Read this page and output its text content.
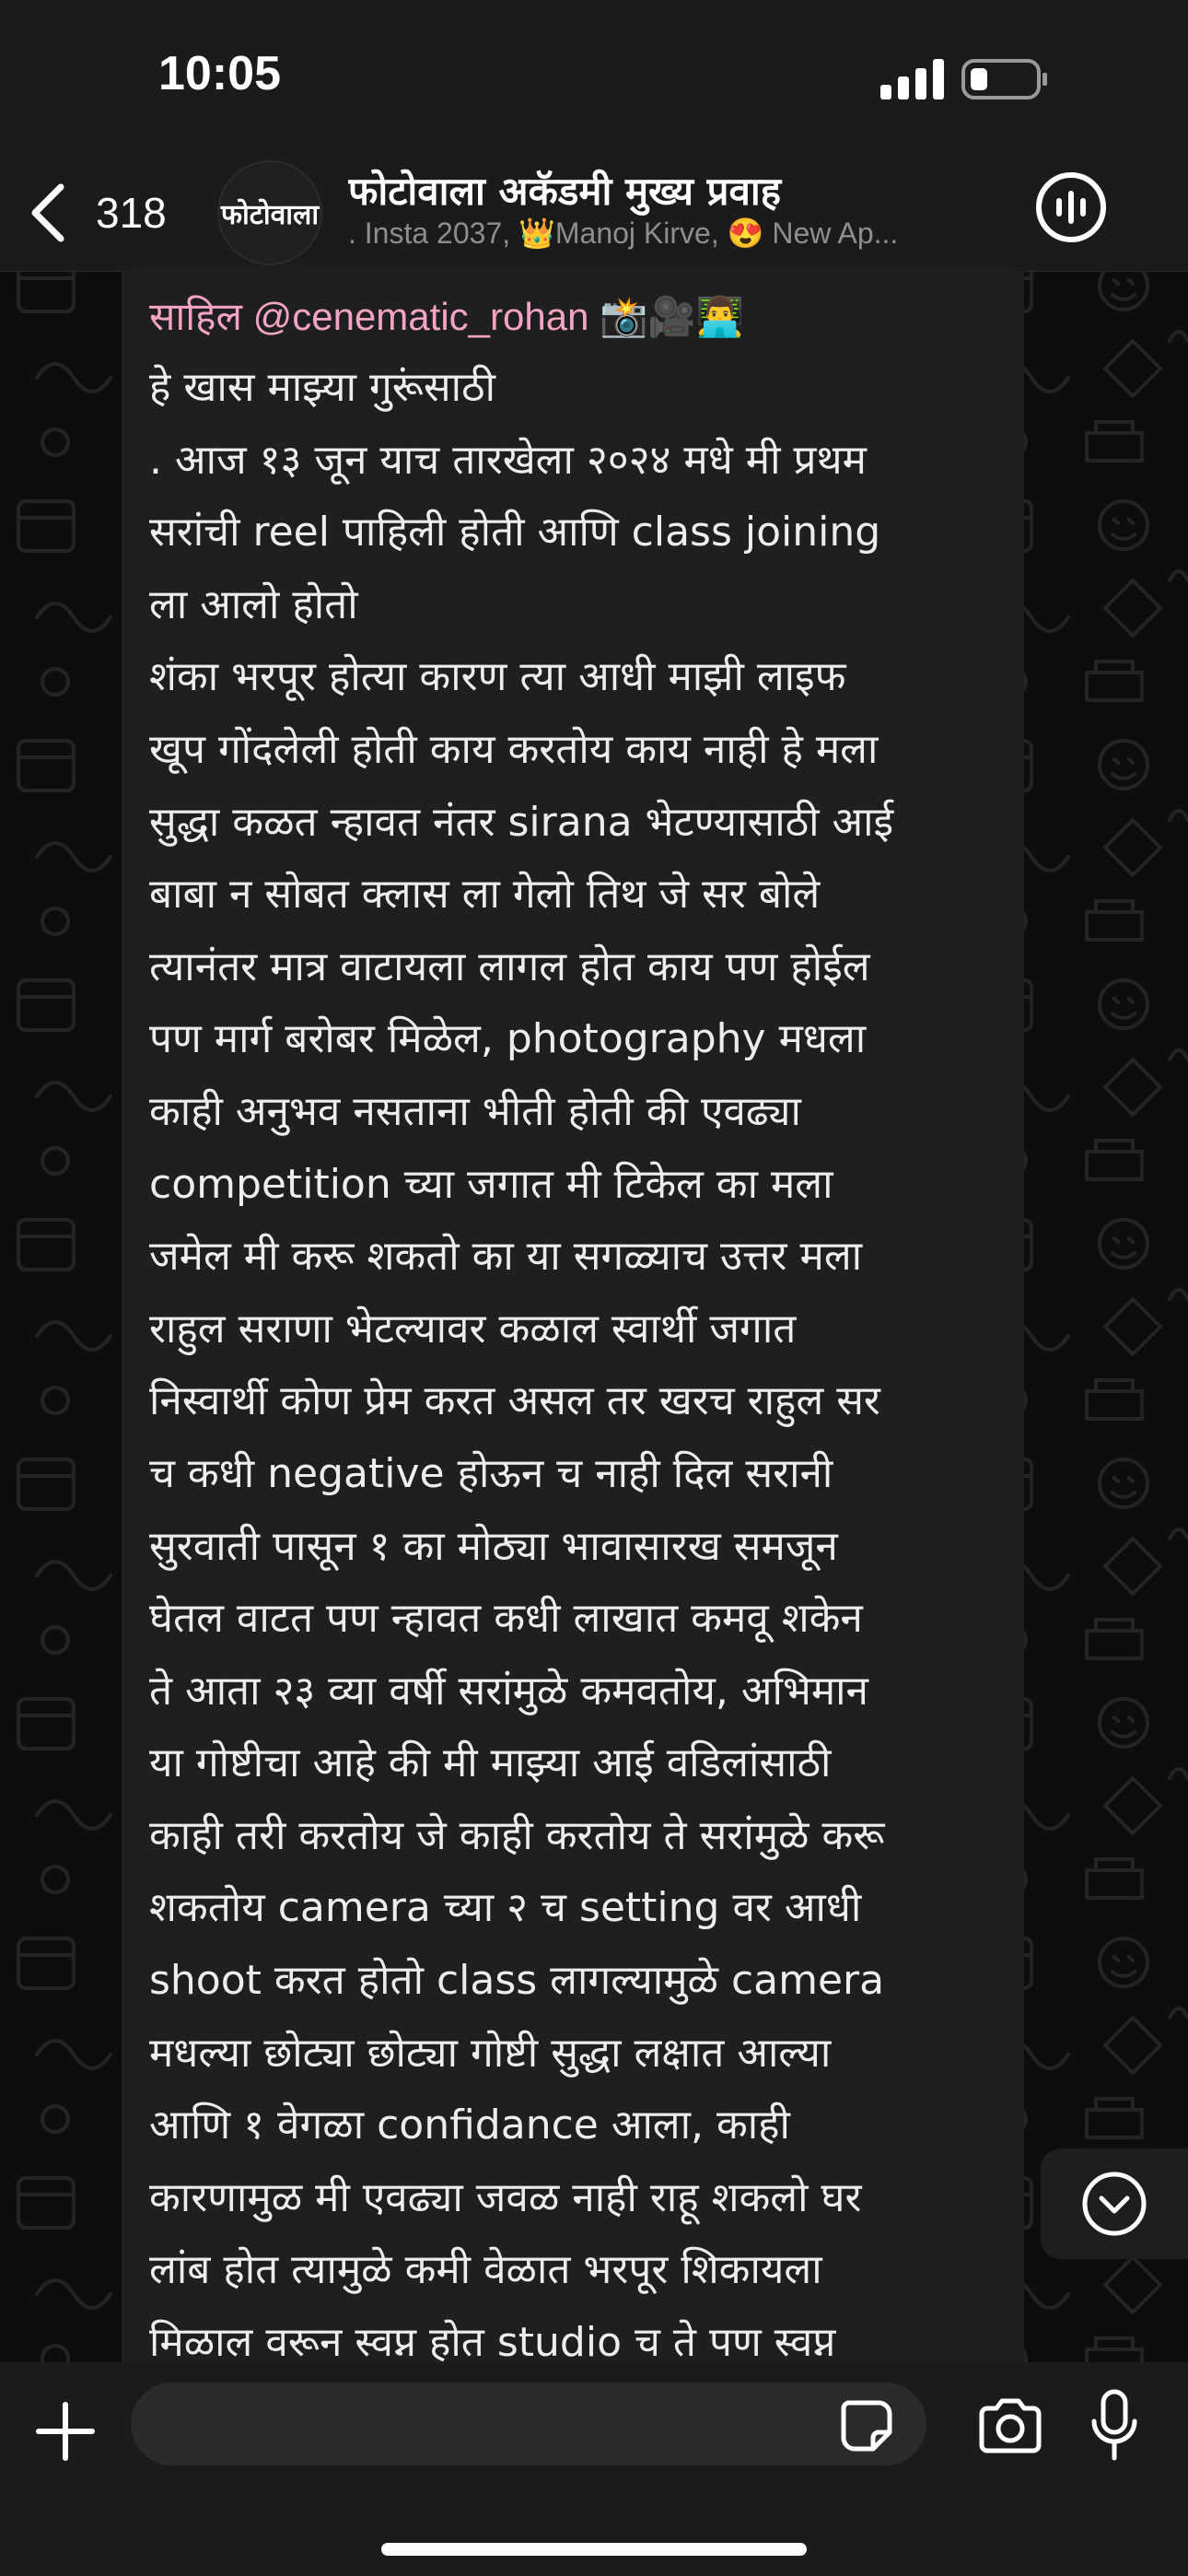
10:05
318 फोटोवाला
फोटोवाला अकॅडमी मुख्य प्रवाह
. Insta 2037, 👑Manoj Kirve, 😍 New Ap...
साहिल @cenematic_rohan 📸🎥👨‍💻
हे खास माझ्या गुरूंसाठी
. आज १३ जून याच तारखेला २०२४ मधे मी प्रथम
सरांची reel पाहिली होती आणि class joining
ला आलो होतो
शंका भरपूर होत्या कारण त्या आधी माझी लाइफ
खूप गोंदलेली होती काय करतोय काय नाही हे मला
सुद्धा कळत न्हावत नंतर sirana भेटण्यासाठी आई
बाबा न सोबत क्लास ला गेलो तिथ जे सर बोले
त्यानंतर मात्र वाटायला लागल होत काय पण होईल
पण मार्ग बरोबर मिळेल, photography मधला
काही अनुभव नसताना भीती होती की एवढ्या
competition च्या जगात मी टिकेल का मला
जमेल मी करू शकतो का या सगळ्याच उत्तर मला
राहुल सराणा भेटल्यावर कळाल स्वार्थी जगात
निस्वार्थी कोण प्रेम करत असल तर खरच राहुल सर
च कधी negative होऊन च नाही दिल सरानी
सुरवाती पासून १ का मोठ्या भावासारख समजून
घेतल वाटत पण न्हावत कधी लाखात कमवू शकेन
ते आता २३ व्या वर्षी सरांमुळे कमवतोय, अभिमान
या गोष्टीचा आहे की मी माझ्या आई वडिलांसाठी
काही तरी करतोय जे काही करतोय ते सरांमुळे करू
शकतोय camera च्या २ च setting वर आधी
shoot करत होतो class लागल्यामुळे camera
मधल्या छोट्या छोट्या गोष्टी सुद्धा लक्षात आल्या
आणि १ वेगळा confidance आला, काही
कारणामुळ मी एवढ्या जवळ नाही राहू शकलो घर
लांब होत त्यामुळे कमी वेळात भरपूर शिकायला
मिळाल वरून स्वप्न होत studio च ते पण स्वप्न
